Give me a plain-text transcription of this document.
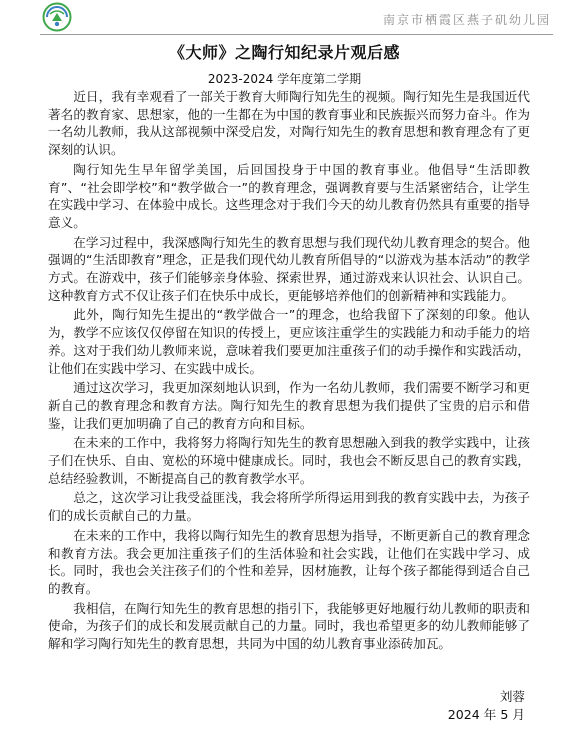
南京市栖霞区燕子矶幼儿园
《大师》之陶行知纪录片观后感
2023-2024 学年度第二学期

近日，我有幸观看了一部关于教育大师陶行知先生的视频。陶行知先生是我国近代著名的教育家、思想家，他的一生都在为中国的教育事业和民族振兴而努力奋斗。作为一名幼儿教师，我从这部视频中深受启发，对陶行知先生的教育思想和教育理念有了更深刻的认识。

陶行知先生早年留学美国，后回国投身于中国的教育事业。他倡导“生活即教育”、“社会即学校”和“教学做合一”的教育理念，强调教育要与生活紧密结合，让学生在实践中学习、在体验中成长。这些理念对于我们今天的幼儿教育仍然具有重要的指导意义。

在学习过程中，我深感陶行知先生的教育思想与我们现代幼儿教育理念的契合。他强调的“生活即教育”理念，正是我们现代幼儿教育所倡导的“以游戏为基本活动”的教学方式。在游戏中，孩子们能够亲身体验、探索世界，通过游戏来认识社会、认识自己。这种教育方式不仅让孩子们在快乐中成长，更能够培养他们的创新精神和实践能力。

此外，陶行知先生提出的“教学做合一”的理念，也给我留下了深刻的印象。他认为，教学不应该仅仅停留在知识的传授上，更应该注重学生的实践能力和动手能力的培养。这对于我们幼儿教师来说，意味着我们要更加注重孩子们的动手操作和实践活动，让他们在实践中学习、在实践中成长。

通过这次学习，我更加深刻地认识到，作为一名幼儿教师，我们需要不断学习和更新自己的教育理念和教育方法。陶行知先生的教育思想为我们提供了宝贵的启示和借鉴，让我们更加明确了自己的教育方向和目标。

在未来的工作中，我将努力将陶行知先生的教育思想融入到我的教学实践中，让孩子们在快乐、自由、宽松的环境中健康成长。同时，我也会不断反思自己的教育实践，总结经验教训，不断提高自己的教育教学水平。

总之，这次学习让我受益匪浅，我会将所学所得运用到我的教育实践中去，为孩子们的成长贡献自己的力量。

在未来的工作中，我将以陶行知先生的教育思想为指导，不断更新自己的教育理念和教育方法。我会更加注重孩子们的生活体验和社会实践，让他们在实践中学习、成长。同时，我也会关注孩子们的个性和差异，因材施教，让每个孩子都能得到适合自己的教育。

我相信，在陶行知先生的教育思想的指引下，我能够更好地履行幼儿教师的职责和使命，为孩子们的成长和发展贡献自己的力量。同时，我也希望更多的幼儿教师能够了解和学习陶行知先生的教育思想，共同为中国的幼儿教育事业添砖加瓦。

刘蓉
2024 年 5 月
